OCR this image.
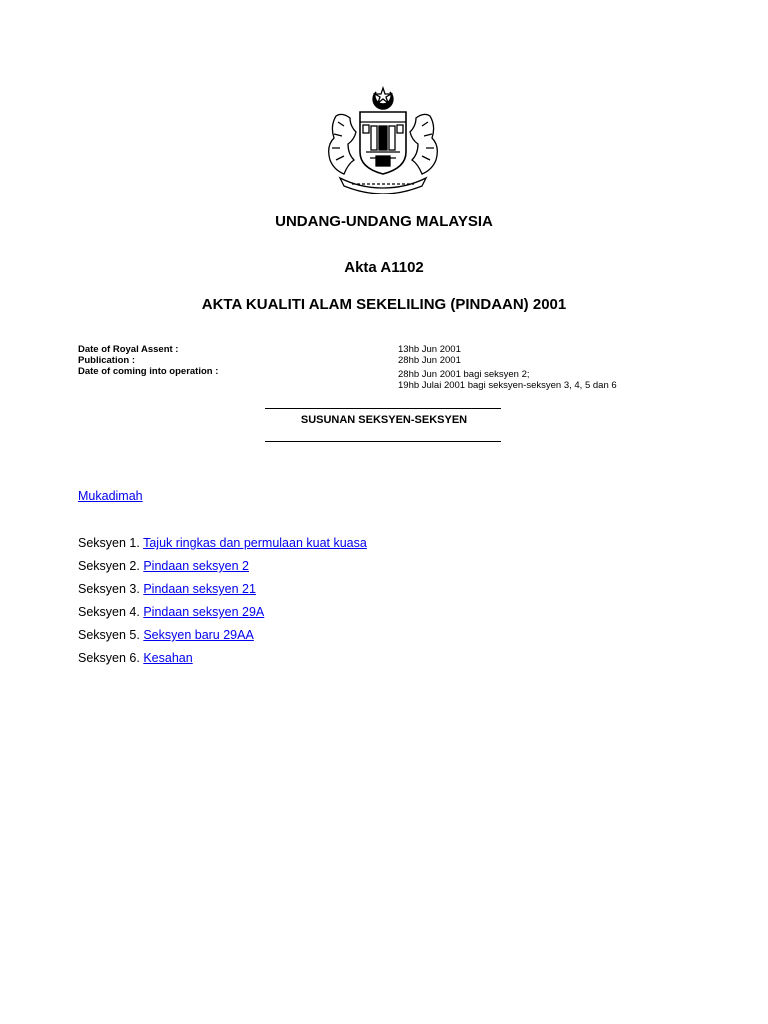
UNDANG-UNDANG MALAYSIA
Akta A1102
AKTA KUALITI ALAM SEKELILING (PINDAAN) 2001
Date of Royal Assent :
Publication :
Date of coming into operation :
13hb Jun 2001
28hb Jun 2001
28hb Jun 2001 bagi seksyen 2;
19hb Julai 2001 bagi seksyen-seksyen 3, 4, 5 dan 6
SUSUNAN SEKSYEN-SEKSYEN
Mukadimah
Seksyen 1. Tajuk ringkas dan permulaan kuat kuasa
Seksyen 2. Pindaan seksyen 2
Seksyen 3. Pindaan seksyen 21
Seksyen 4. Pindaan seksyen 29A
Seksyen 5. Seksyen baru 29AA
Seksyen 6. Kesahan
